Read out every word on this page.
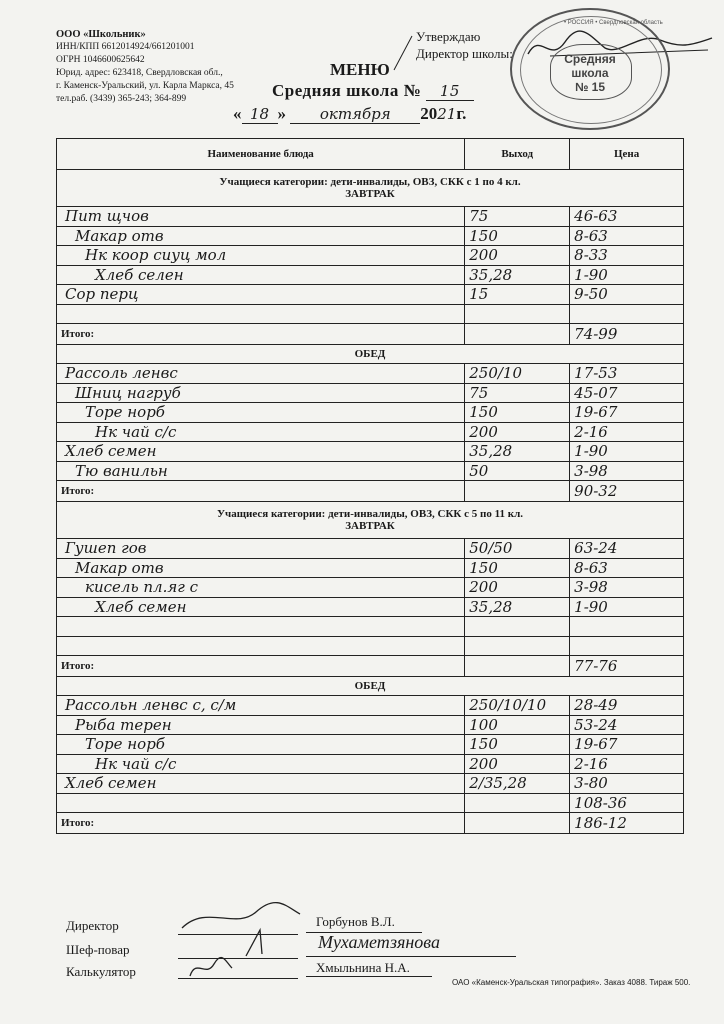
ООО «Школьник»
ИНН/КПП 6612014924/661201001
ОГРН 1046600625642
Юрид. адрес: 623418, Свердловская обл.,
г. Каменск-Уральский, ул. Карла Маркса, 45
тел.раб. (3439) 365-243; 364-899
Утверждаю
Директор школы:
• РОССИЯ • Свердловская область
Средняя
школа
№ 15
МЕНЮ
Средняя школа № 15
« 18 » октября 2021г.
Наименование блюда	Выход	Цена

Учащиеся категории: дети-инвалиды, ОВЗ, СКК с 1 по 4 кл.
ЗАВТРАК		

Пит щчов	75	46-63
Макар отв	150	8-63
Нк коор сиуц мол	200	8-33
Хлеб селен	35,28	1-90
Сор перц	15	9-50

Итого:		74-99
ОБЕД		
Рассоль ленвс	250/10	17-53
Шниц нагруб	75	45-07
Торе норб	150	19-67
Нк чай с/с	200	2-16
Хлеб семен	35,28	1-90
Тю ванильн	50	3-98
Итого:		90-32

Учащиеся категории: дети-инвалиды, ОВЗ, СКК с 5 по 11 кл.
ЗАВТРАК		

Гушеп гов	50/50	63-24
Макар отв	150	8-63
кисель пл.яг с	200	3-98
Хлеб семен	35,28	1-90

Итого:		77-76
ОБЕД		
Рассольн ленвс с, с/м	250/10/10	28-49
Рыба терен	100	53-24
Торе норб	150	19-67
Нк чай с/с	200	2-16
Хлеб семен	2/35,28	3-80
		108-36
Итого:		186-12
Директор	Горбунов В.Л.
Шеф-повар	Мухаметзянова
Калькулятор	Хмыльнина Н.А.
ОАО «Каменск-Уральская типография». Заказ 4088. Тираж 500.
